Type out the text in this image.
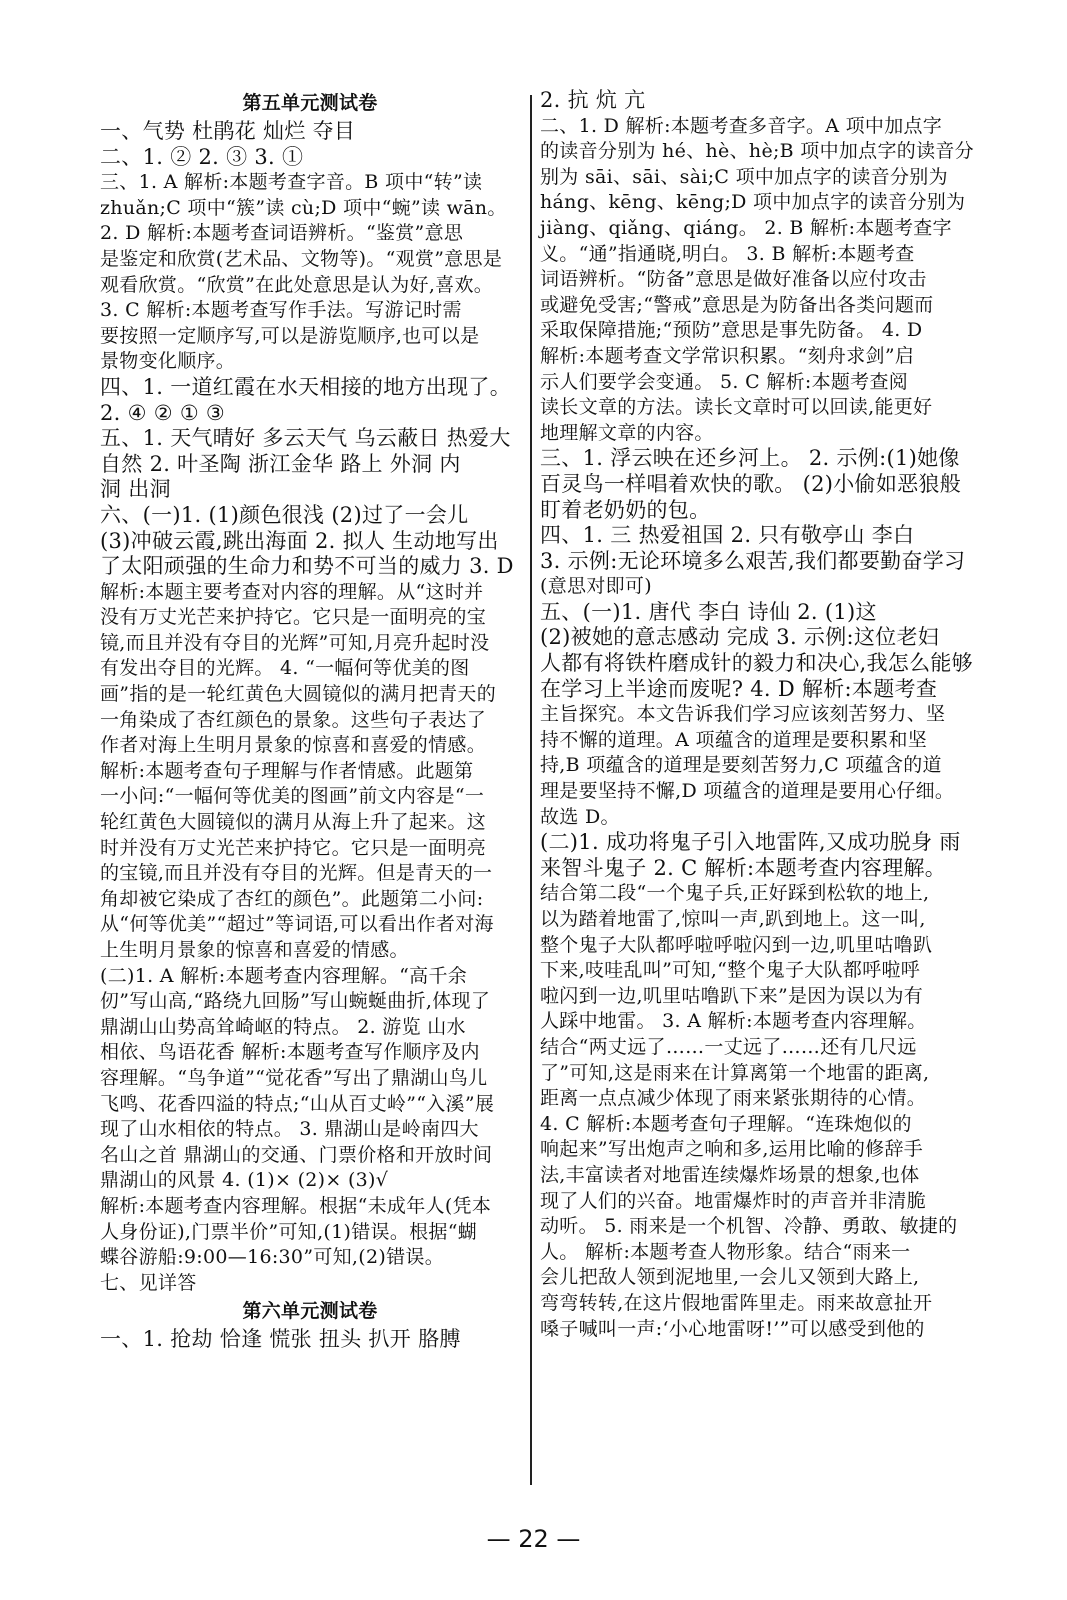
第五单元测试卷
一、气势 杜鹃花 灿烂 夺目
二、1. ② 2. ③ 3. ①
三、1. A 解析:本题考查字音。B 项中“转”读
zhuǎn;C 项中“簇”读 cù;D 项中“蜿”读 wān。
2. D 解析:本题考查词语辨析。“鉴赏”意思
是鉴定和欣赏(艺术品、文物等)。“观赏”意思是
观看欣赏。“欣赏”在此处意思是认为好,喜欢。
3. C 解析:本题考查写作手法。写游记时需
要按照一定顺序写,可以是游览顺序,也可以是
景物变化顺序。
四、1. 一道红霞在水天相接的地方出现了。
2. ④ ② ① ③
五、1. 天气晴好 多云天气 乌云蔽日 热爱大
自然 2. 叶圣陶 浙江金华 路上 外洞 内
洞 出洞
六、(一)1. (1)颜色很浅 (2)过了一会儿
(3)冲破云霞,跳出海面 2. 拟人 生动地写出
了太阳顽强的生命力和势不可当的威力 3. D
解析:本题主要考查对内容的理解。从“这时并
没有万丈光芒来护持它。它只是一面明亮的宝
镜,而且并没有夺目的光辉”可知,月亮升起时没
有发出夺目的光辉。 4. “一幅何等优美的图
画”指的是一轮红黄色大圆镜似的满月把青天的
一角染成了杏红颜色的景象。这些句子表达了
作者对海上生明月景象的惊喜和喜爱的情感。
解析:本题考查句子理解与作者情感。此题第
一小问:“一幅何等优美的图画”前文内容是“一
轮红黄色大圆镜似的满月从海上升了起来。这
时并没有万丈光芒来护持它。它只是一面明亮
的宝镜,而且并没有夺目的光辉。但是青天的一
角却被它染成了杏红的颜色”。此题第二小问:
从“何等优美”“超过”等词语,可以看出作者对海
上生明月景象的惊喜和喜爱的情感。
(二)1. A 解析:本题考查内容理解。“高千余
仞”写山高,“路绕九回肠”写山蜿蜒曲折,体现了
鼎湖山山势高耸崎岖的特点。 2. 游览 山水
相依、鸟语花香 解析:本题考查写作顺序及内
容理解。“鸟争道”“觉花香”写出了鼎湖山鸟儿
飞鸣、花香四溢的特点;“山从百丈岭”“入溪”展
现了山水相依的特点。 3. 鼎湖山是岭南四大
名山之首 鼎湖山的交通、门票价格和开放时间
鼎湖山的风景 4. (1)× (2)× (3)√
解析:本题考查内容理解。根据“未成年人(凭本
人身份证),门票半价”可知,(1)错误。根据“蝴
蝶谷游船:9:00—16:30”可知,(2)错误。
七、见详答
第六单元测试卷
一、1. 抢劫 恰逢 慌张 扭头 扒开 胳膊
2. 抗 炕 亢
二、1. D 解析:本题考查多音字。A 项中加点字
的读音分别为 hé、hè、hè;B 项中加点字的读音分
别为 sāi、sāi、sài;C 项中加点字的读音分别为
háng、kēng、kēng;D 项中加点字的读音分别为
jiàng、qiǎng、qiáng。 2. B 解析:本题考查字
义。“通”指通晓,明白。 3. B 解析:本题考查
词语辨析。“防备”意思是做好准备以应付攻击
或避免受害;“警戒”意思是为防备出各类问题而
采取保障措施;“预防”意思是事先防备。 4. D
解析:本题考查文学常识积累。“刻舟求剑”启
示人们要学会变通。 5. C 解析:本题考查阅
读长文章的方法。读长文章时可以回读,能更好
地理解文章的内容。
三、1. 浮云映在还乡河上。 2. 示例:(1)她像
百灵鸟一样唱着欢快的歌。 (2)小偷如恶狼般
盯着老奶奶的包。
四、1. 三 热爱祖国 2. 只有敬亭山 李白
3. 示例:无论环境多么艰苦,我们都要勤奋学习
(意思对即可)
五、(一)1. 唐代 李白 诗仙 2. (1)这
(2)被她的意志感动 完成 3. 示例:这位老妇
人都有将铁杵磨成针的毅力和决心,我怎么能够
在学习上半途而废呢? 4. D 解析:本题考查
主旨探究。本文告诉我们学习应该刻苦努力、坚
持不懈的道理。A 项蕴含的道理是要积累和坚
持,B 项蕴含的道理是要刻苦努力,C 项蕴含的道
理是要坚持不懈,D 项蕴含的道理是要用心仔细。
故选 D。
(二)1. 成功将鬼子引入地雷阵,又成功脱身 雨
来智斗鬼子 2. C 解析:本题考查内容理解。
结合第二段“一个鬼子兵,正好踩到松软的地上,
以为踏着地雷了,惊叫一声,趴到地上。这一叫,
整个鬼子大队都呼啦呼啦闪到一边,叽里咕噜趴
下来,吱哇乱叫”可知,“整个鬼子大队都呼啦呼
啦闪到一边,叽里咕噜趴下来”是因为误以为有
人踩中地雷。 3. A 解析:本题考查内容理解。
结合“两丈远了……一丈远了……还有几尺远
了”可知,这是雨来在计算离第一个地雷的距离,
距离一点点减少体现了雨来紧张期待的心情。
4. C 解析:本题考查句子理解。“连珠炮似的
响起来”写出炮声之响和多,运用比喻的修辞手
法,丰富读者对地雷连续爆炸场景的想象,也体
现了人们的兴奋。地雷爆炸时的声音并非清脆
动听。 5. 雨来是一个机智、冷静、勇敢、敏捷的
人。 解析:本题考查人物形象。结合“雨来一
会儿把敌人领到泥地里,一会儿又领到大路上,
弯弯转转,在这片假地雷阵里走。雨来故意扯开
嗓子喊叫一声:‘小心地雷呀!’”可以感受到他的
— 22 —
